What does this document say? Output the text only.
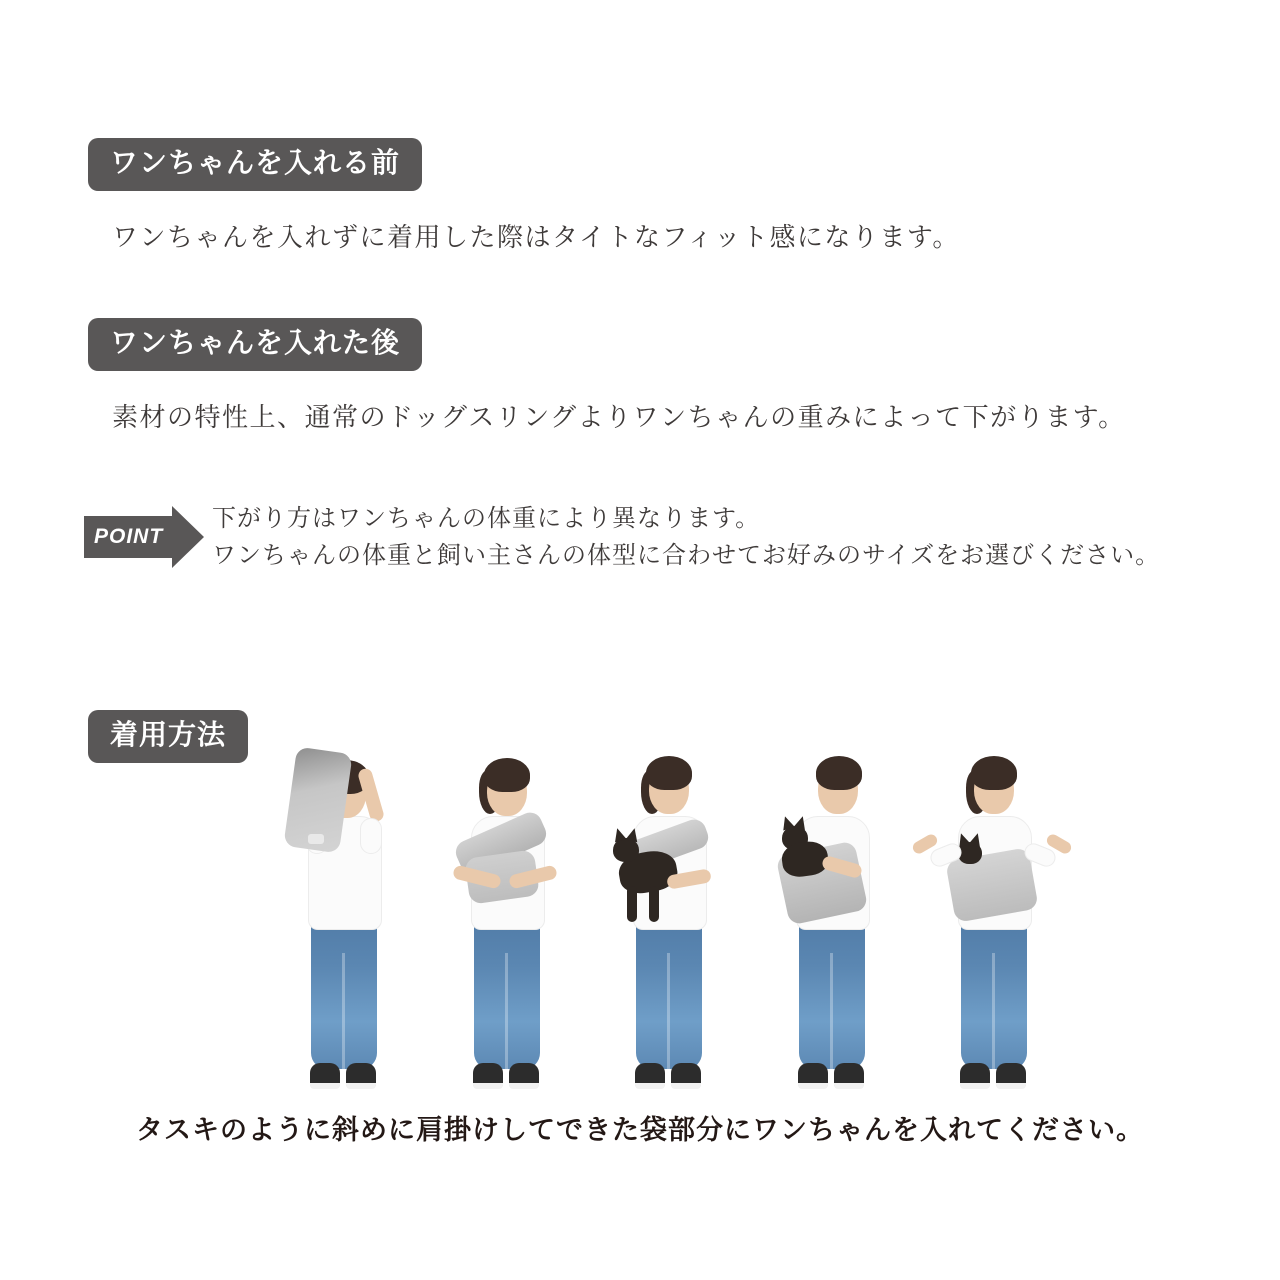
ワンちゃんを入れる前
ワンちゃんを入れずに着用した際はタイトなフィット感になります。
ワンちゃんを入れた後
素材の特性上、通常のドッグスリングよりワンちゃんの重みによって下がります。
POINT
下がり方はワンちゃんの体重により異なります。
ワンちゃんの体重と飼い主さんの体型に合わせてお好みのサイズをお選びください。
着用方法
タスキのように斜めに肩掛けしてできた袋部分にワンちゃんを入れてください。
